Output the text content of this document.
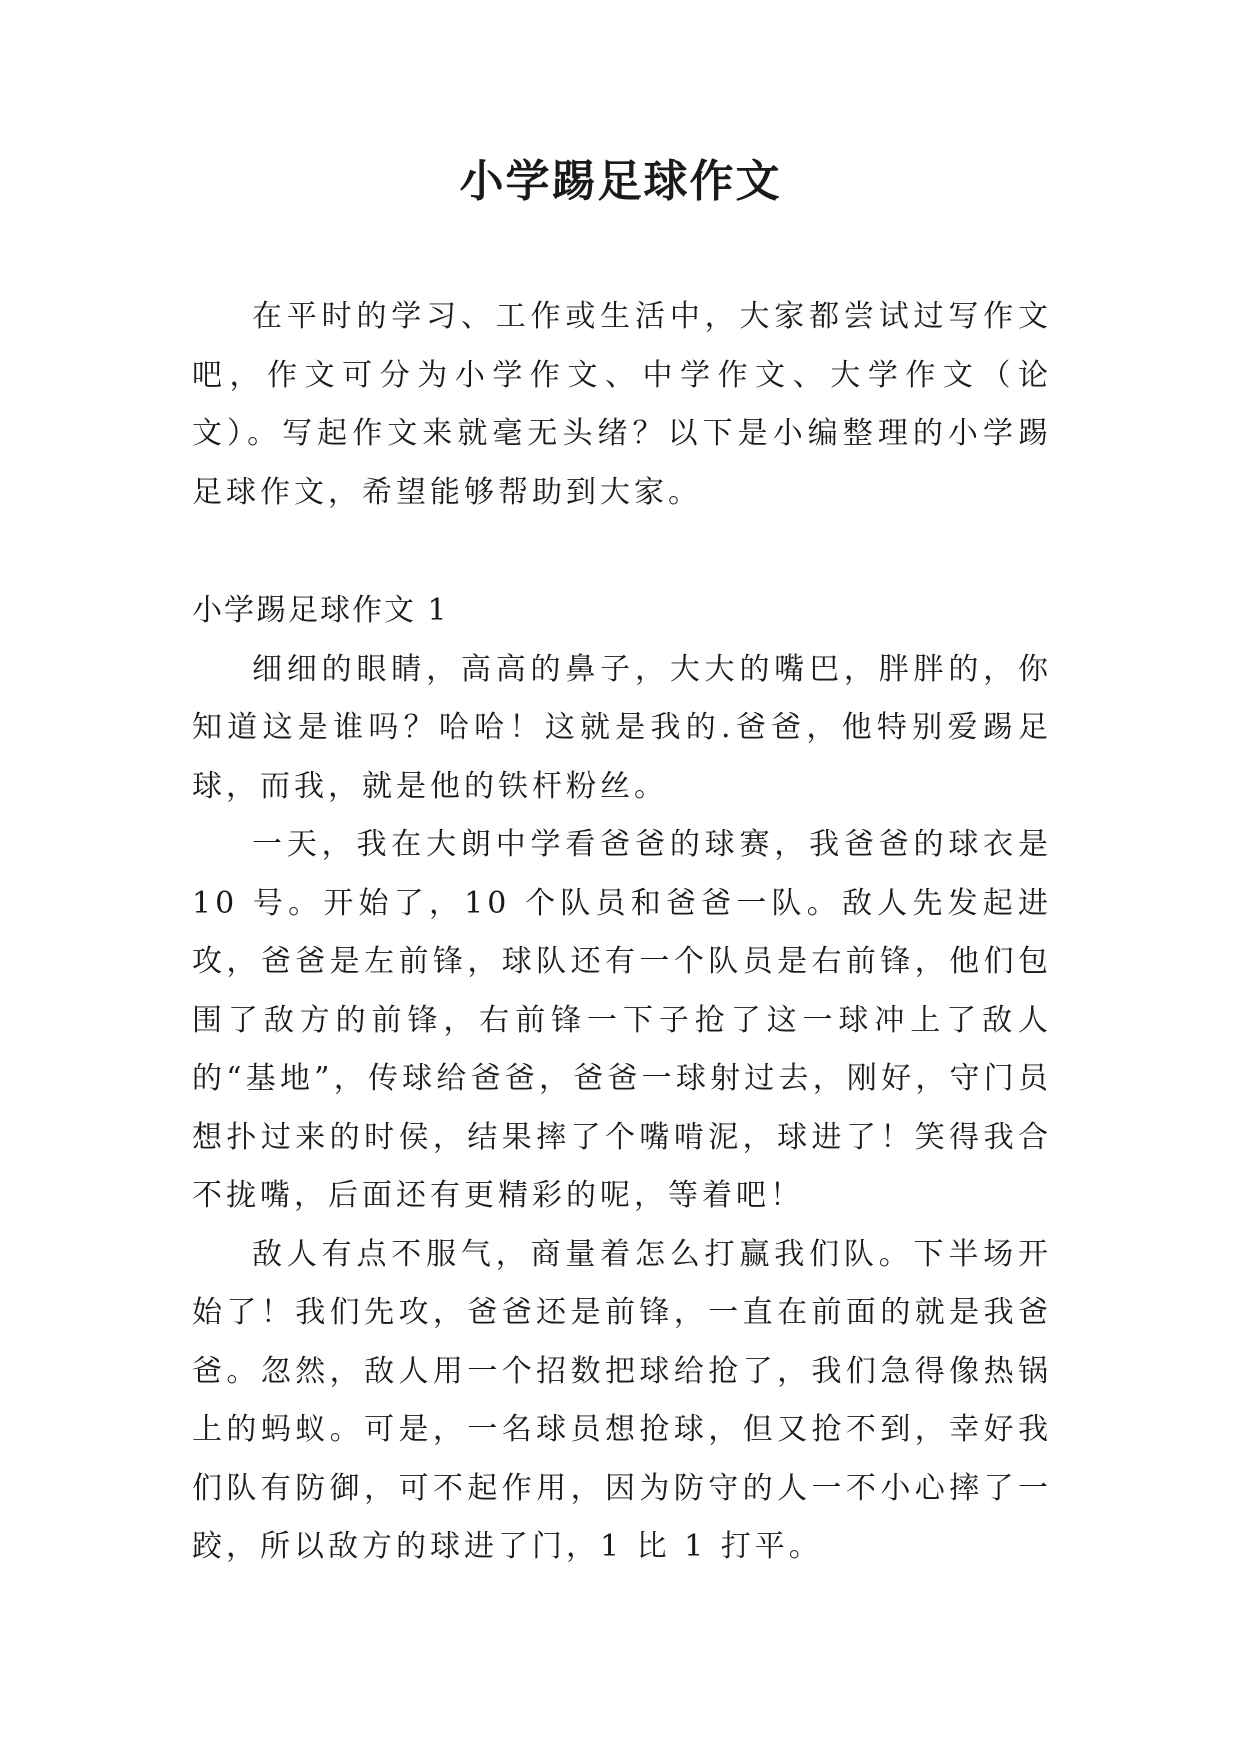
小学踢足球作文

在平时的学习、工作或生活中，大家都尝试过写作文吧，作文可分为小学作文、中学作文、大学作文（论文）。写起作文来就毫无头绪？以下是小编整理的小学踢足球作文，希望能够帮助到大家。

小学踢足球作文 1

细细的眼睛，高高的鼻子，大大的嘴巴，胖胖的，你知道这是谁吗？哈哈！这就是我的.爸爸，他特别爱踢足球，而我，就是他的铁杆粉丝。

一天，我在大朗中学看爸爸的球赛，我爸爸的球衣是 10 号。开始了，10 个队员和爸爸一队。敌人先发起进攻，爸爸是左前锋，球队还有一个队员是右前锋，他们包围了敌方的前锋，右前锋一下子抢了这一球冲上了敌人的“基地”，传球给爸爸，爸爸一球射过去，刚好，守门员想扑过来的时侯，结果摔了个嘴啃泥，球进了！笑得我合不拢嘴，后面还有更精彩的呢，等着吧！

敌人有点不服气，商量着怎么打赢我们队。下半场开始了！我们先攻，爸爸还是前锋，一直在前面的就是我爸爸。忽然，敌人用一个招数把球给抢了，我们急得像热锅上的蚂蚁。可是，一名球员想抢球，但又抢不到，幸好我们队有防御，可不起作用，因为防守的人一不小心摔了一跤，所以敌方的球进了门，1 比 1 打平。
